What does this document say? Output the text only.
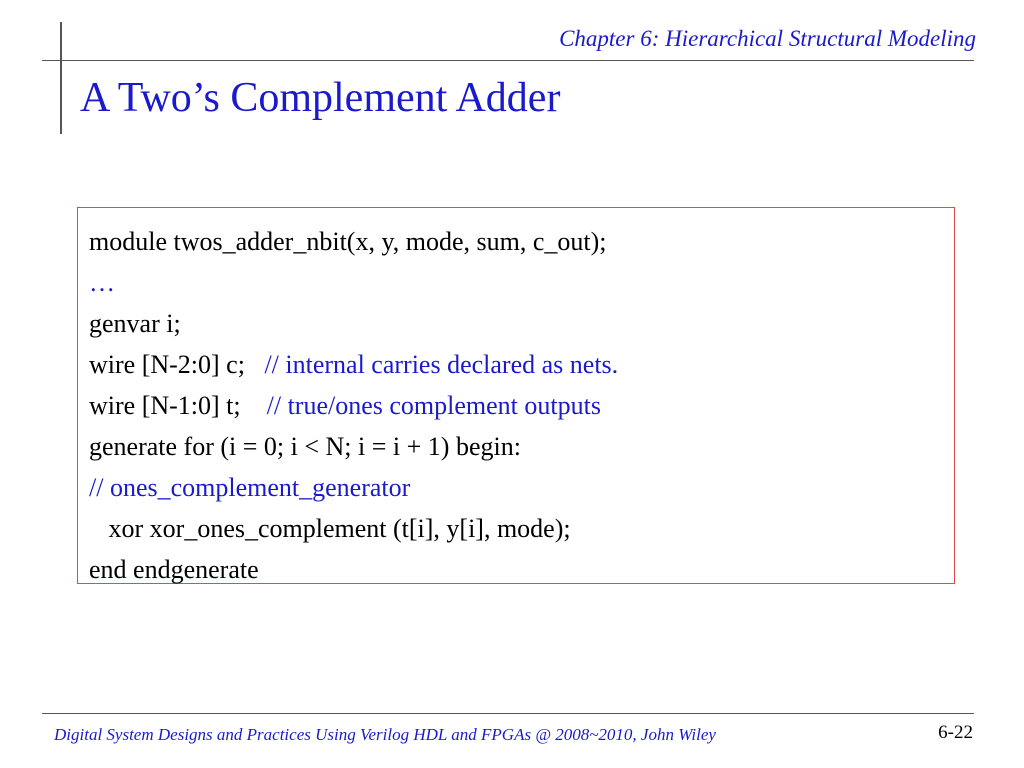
Chapter 6: Hierarchical Structural Modeling
A Two’s Complement Adder
module twos_adder_nbit(x, y, mode, sum, c_out);
…
genvar i;
wire [N-2:0] c;   // internal carries declared as nets.
wire [N-1:0] t;    // true/ones complement outputs
generate for (i = 0; i < N; i = i + 1) begin:
// ones_complement_generator
xor xor_ones_complement (t[i], y[i], mode);
end endgenerate
Digital System Designs and Practices Using Verilog HDL and FPGAs @ 2008~2010, John Wiley	6-22
